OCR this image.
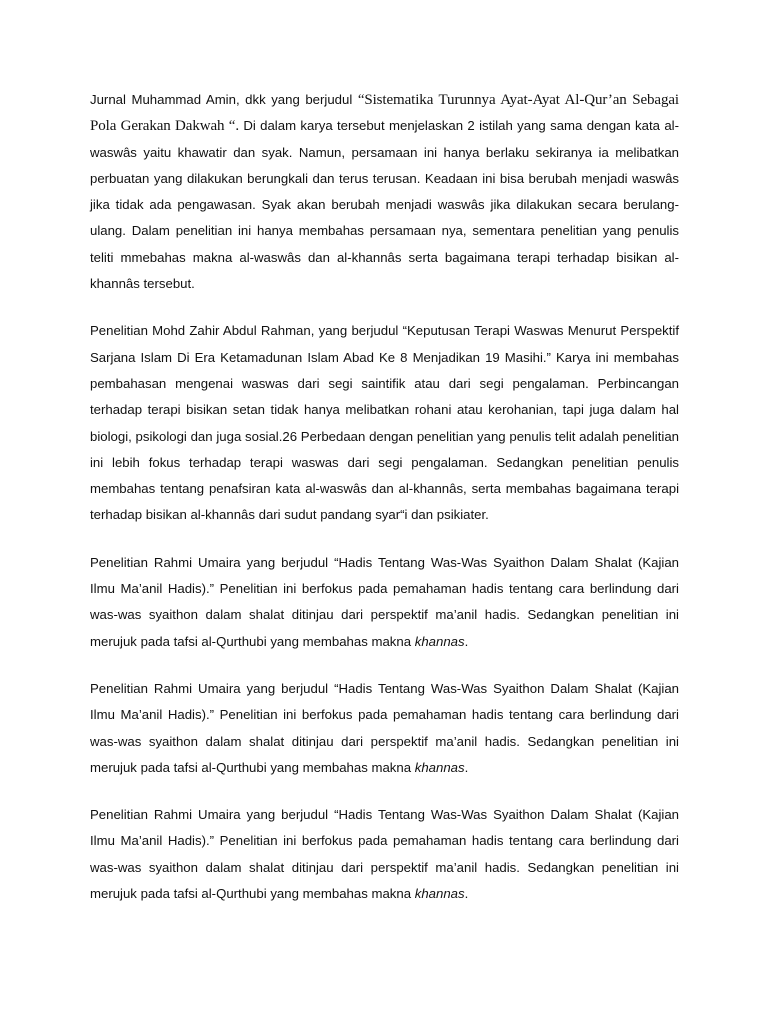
Jurnal Muhammad Amin, dkk yang berjudul “Sistematika Turunnya Ayat-Ayat Al-Qur’an Sebagai Pola Gerakan Dakwah “. Di dalam karya tersebut menjelaskan 2 istilah yang sama dengan kata al-waswâs yaitu khawatir dan syak. Namun, persamaan ini hanya berlaku sekiranya ia melibatkan perbuatan yang dilakukan berungkali dan terus terusan. Keadaan ini bisa berubah menjadi waswâs jika tidak ada pengawasan. Syak akan berubah menjadi waswâs jika dilakukan secara berulang-ulang. Dalam penelitian ini hanya membahas persamaan nya, sementara penelitian yang penulis teliti mmebahas makna al-waswâs dan al-khannâs serta bagaimana terapi terhadap bisikan al-khannâs tersebut.

Penelitian Mohd Zahir Abdul Rahman, yang berjudul “Keputusan Terapi Waswas Menurut Perspektif Sarjana Islam Di Era Ketamadunan Islam Abad Ke 8 Menjadikan 19 Masihi.” Karya ini membahas pembahasan mengenai waswas dari segi saintifik atau dari segi pengalaman. Perbincangan terhadap terapi bisikan setan tidak hanya melibatkan rohani atau kerohanian, tapi juga dalam hal biologi, psikologi dan juga sosial.26 Perbedaan dengan penelitian yang penulis telit adalah penelitian ini lebih fokus terhadap terapi waswas dari segi pengalaman. Sedangkan penelitian penulis membahas tentang penafsiran kata al-waswâs dan al-khannâs, serta membahas bagaimana terapi terhadap bisikan al-khannâs dari sudut pandang syar“i dan psikiater.

Penelitian Rahmi Umaira yang berjudul “Hadis Tentang Was-Was Syaithon Dalam Shalat (Kajian Ilmu Ma’anil Hadis).” Penelitian ini berfokus pada pemahaman hadis tentang cara berlindung dari was-was syaithon dalam shalat ditinjau dari perspektif ma’anil hadis. Sedangkan penelitian ini merujuk pada tafsi al-Qurthubi yang membahas makna khannas.

Penelitian Rahmi Umaira yang berjudul “Hadis Tentang Was-Was Syaithon Dalam Shalat (Kajian Ilmu Ma’anil Hadis).” Penelitian ini berfokus pada pemahaman hadis tentang cara berlindung dari was-was syaithon dalam shalat ditinjau dari perspektif ma’anil hadis. Sedangkan penelitian ini merujuk pada tafsi al-Qurthubi yang membahas makna khannas.

Penelitian Rahmi Umaira yang berjudul “Hadis Tentang Was-Was Syaithon Dalam Shalat (Kajian Ilmu Ma’anil Hadis).” Penelitian ini berfokus pada pemahaman hadis tentang cara berlindung dari was-was syaithon dalam shalat ditinjau dari perspektif ma’anil hadis. Sedangkan penelitian ini merujuk pada tafsi al-Qurthubi yang membahas makna khannas.
